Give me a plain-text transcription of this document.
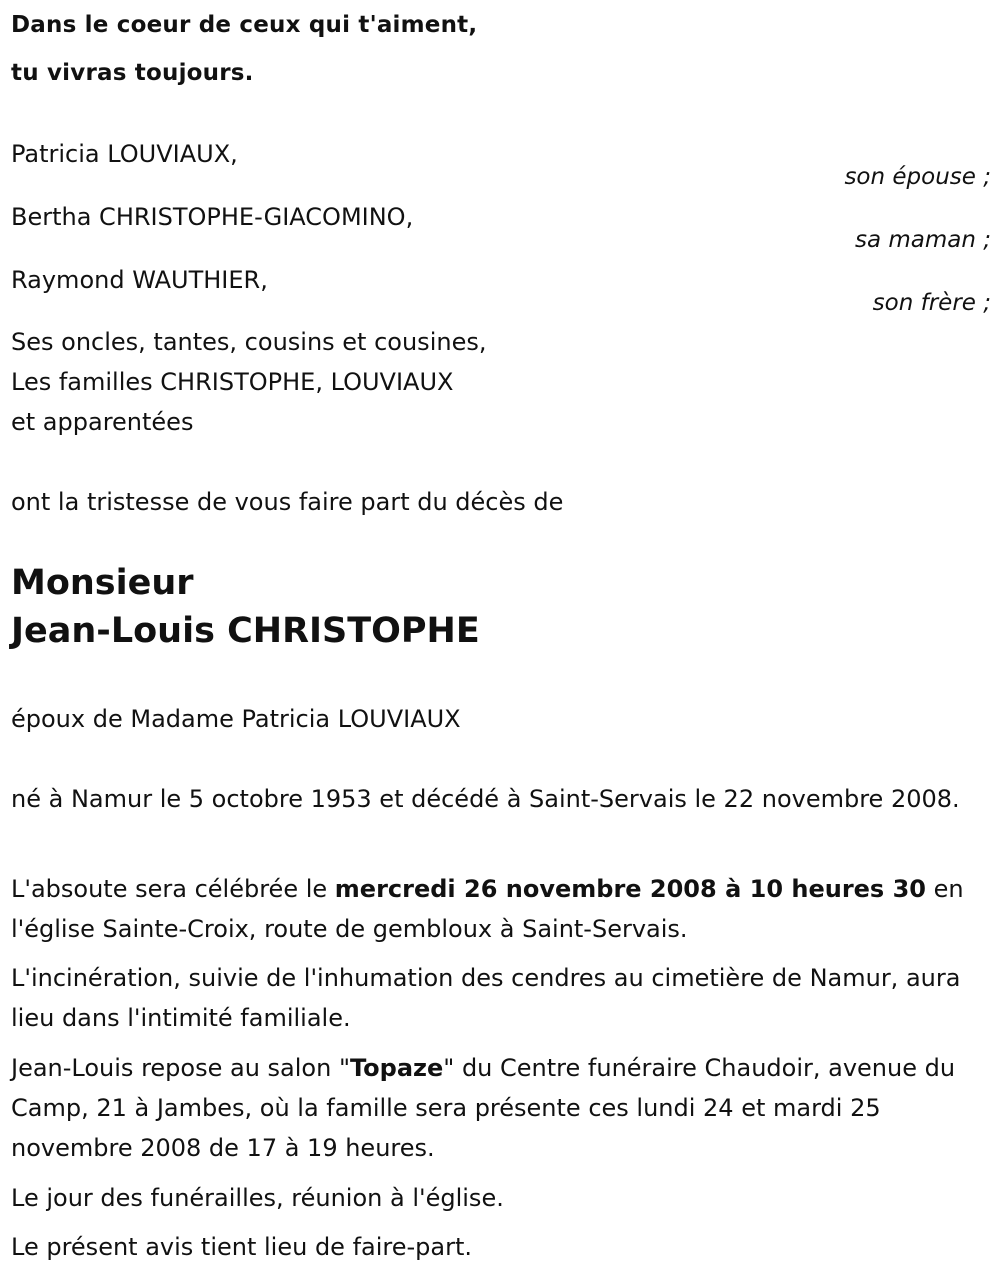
Dans le coeur de ceux qui t'aiment,
tu vivras toujours.
Patricia LOUVIAUX,
son épouse ;
Bertha CHRISTOPHE-GIACOMINO,
sa maman ;
Raymond WAUTHIER,
son frère ;
Ses oncles, tantes, cousins et cousines,
Les familles CHRISTOPHE, LOUVIAUX
et apparentées
ont la tristesse de vous faire part du décès de
Monsieur
Jean-Louis CHRISTOPHE
époux de Madame Patricia LOUVIAUX
né à Namur le 5 octobre 1953 et décédé à Saint-Servais le 22 novembre 2008.
L'absoute sera célébrée le mercredi 26 novembre 2008 à 10 heures 30 en l'église Sainte-Croix, route de gembloux à Saint-Servais.
L'incinération, suivie de l'inhumation des cendres au cimetière de Namur, aura lieu dans l'intimité familiale.
Jean-Louis repose au salon "Topaze" du Centre funéraire Chaudoir, avenue du Camp, 21 à Jambes, où la famille sera présente ces lundi 24 et mardi 25 novembre 2008 de 17 à 19 heures.
Le jour des funérailles, réunion à l'église.
Le présent avis tient lieu de faire-part.
